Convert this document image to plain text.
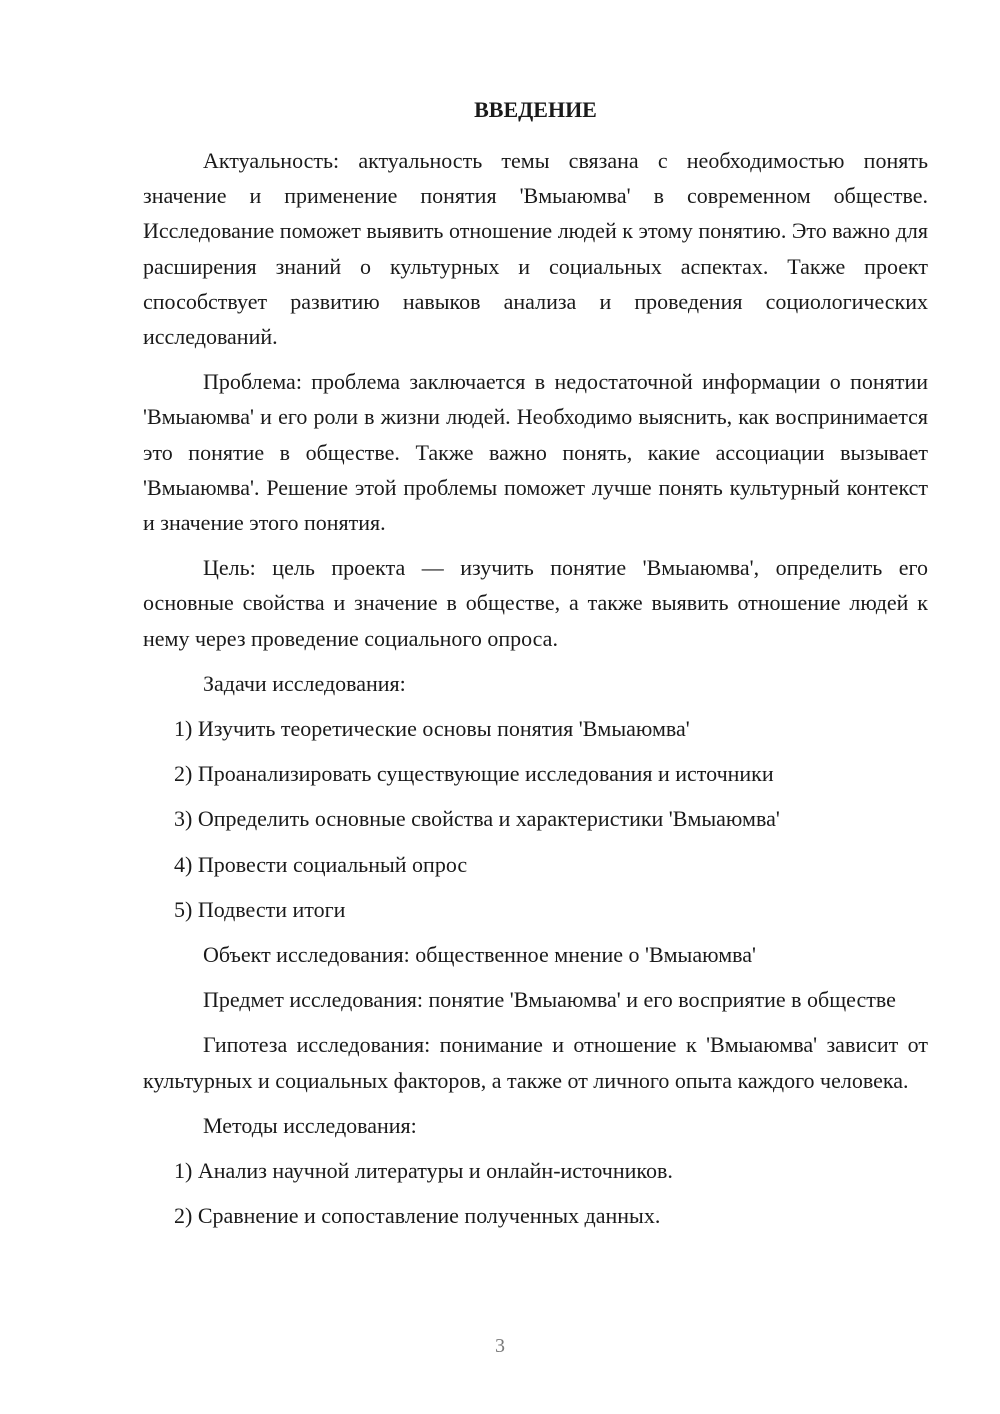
ВВЕДЕНИЕ

Актуальность: актуальность темы связана с необходимостью понять значение и применение понятия 'Вмыаюмва' в современном обществе. Исследование поможет выявить отношение людей к этому понятию. Это важно для расширения знаний о культурных и социальных аспектах. Также проект способствует развитию навыков анализа и проведения социологических исследований.

Проблема: проблема заключается в недостаточной информации о понятии 'Вмыаюмва' и его роли в жизни людей. Необходимо выяснить, как воспринимается это понятие в обществе. Также важно понять, какие ассоциации вызывает 'Вмыаюмва'. Решение этой проблемы поможет лучше понять культурный контекст и значение этого понятия.

Цель: цель проекта — изучить понятие 'Вмыаюмва', определить его основные свойства и значение в обществе, а также выявить отношение людей к нему через проведение социального опроса.

Задачи исследования:

1) Изучить теоретические основы понятия 'Вмыаюмва'

2) Проанализировать существующие исследования и источники

3) Определить основные свойства и характеристики 'Вмыаюмва'

4) Провести социальный опрос

5) Подвести итоги

Объект исследования: общественное мнение о 'Вмыаюмва'

Предмет исследования: понятие 'Вмыаюмва' и его восприятие в обществе

Гипотеза исследования: понимание и отношение к 'Вмыаюмва' зависит от культурных и социальных факторов, а также от личного опыта каждого человека.

Методы исследования:

1) Анализ научной литературы и онлайн-источников.

2) Сравнение и сопоставление полученных данных.

3
